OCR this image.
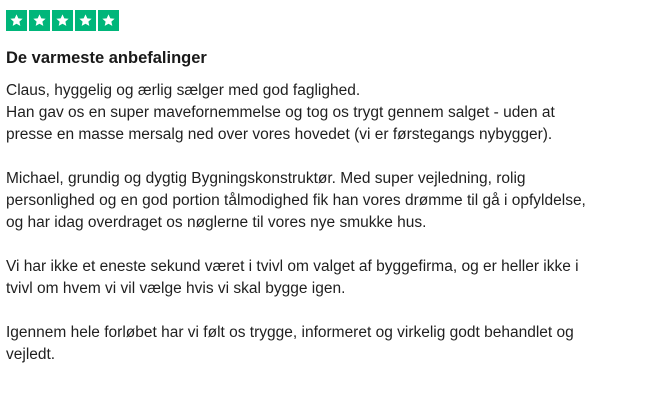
De varmeste anbefalinger

Claus, hyggelig og ærlig sælger med god faglighed.
Han gav os en super mavefornemmelse og tog os trygt gennem salget - uden at
presse en masse mersalg ned over vores hovedet (vi er førstegangs nybygger).

Michael, grundig og dygtig Bygningskonstruktør. Med super vejledning, rolig
personlighed og en god portion tålmodighed fik han vores drømme til gå i opfyldelse,
og har idag overdraget os nøglerne til vores nye smukke hus.

Vi har ikke et eneste sekund været i tvivl om valget af byggefirma, og er heller ikke i
tvivl om hvem vi vil vælge hvis vi skal bygge igen.

Igennem hele forløbet har vi følt os trygge, informeret og virkelig godt behandlet og
vejledt.
